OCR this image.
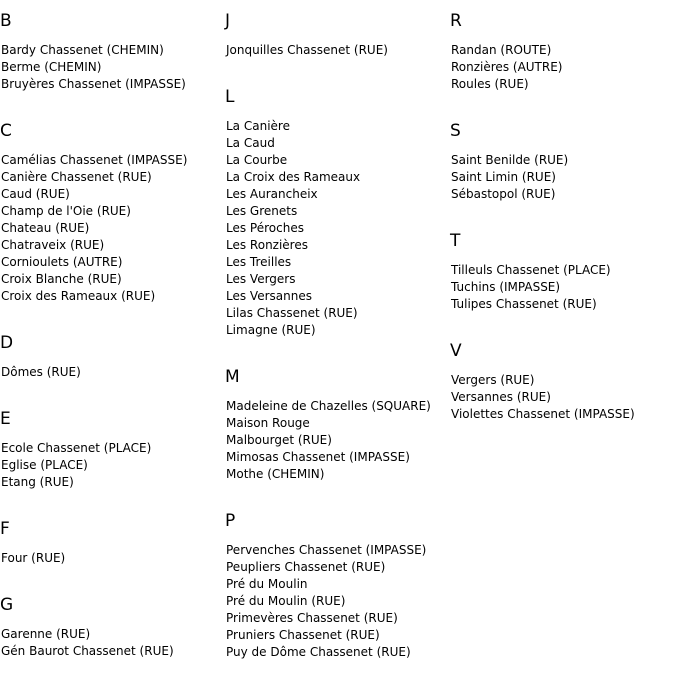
B
Bardy Chassenet (CHEMIN)
Berme (CHEMIN)
Bruyères Chassenet (IMPASSE)
C
Camélias Chassenet (IMPASSE)
Canière Chassenet (RUE)
Caud (RUE)
Champ de l'Oie (RUE)
Chateau (RUE)
Chatraveix (RUE)
Cornioulets (AUTRE)
Croix Blanche (RUE)
Croix des Rameaux (RUE)
D
Dômes (RUE)
E
Ecole Chassenet (PLACE)
Eglise (PLACE)
Etang (RUE)
F
Four (RUE)
G
Garenne (RUE)
Gén Baurot Chassenet (RUE)
J
Jonquilles Chassenet (RUE)
L
La Canière
La Caud
La Courbe
La Croix des Rameaux
Les Aurancheix
Les Grenets
Les Péroches
Les Ronzières
Les Treilles
Les Vergers
Les Versannes
Lilas Chassenet (RUE)
Limagne (RUE)
M
Madeleine de Chazelles (SQUARE)
Maison Rouge
Malbourget (RUE)
Mimosas Chassenet (IMPASSE)
Mothe (CHEMIN)
P
Pervenches Chassenet (IMPASSE)
Peupliers Chassenet (RUE)
Pré du Moulin
Pré du Moulin (RUE)
Primevères Chassenet (RUE)
Pruniers Chassenet (RUE)
Puy de Dôme Chassenet (RUE)
R
Randan (ROUTE)
Ronzières (AUTRE)
Roules (RUE)
S
Saint Benilde (RUE)
Saint Limin (RUE)
Sébastopol (RUE)
T
Tilleuls Chassenet (PLACE)
Tuchins (IMPASSE)
Tulipes Chassenet (RUE)
V
Vergers (RUE)
Versannes (RUE)
Violettes Chassenet (IMPASSE)
